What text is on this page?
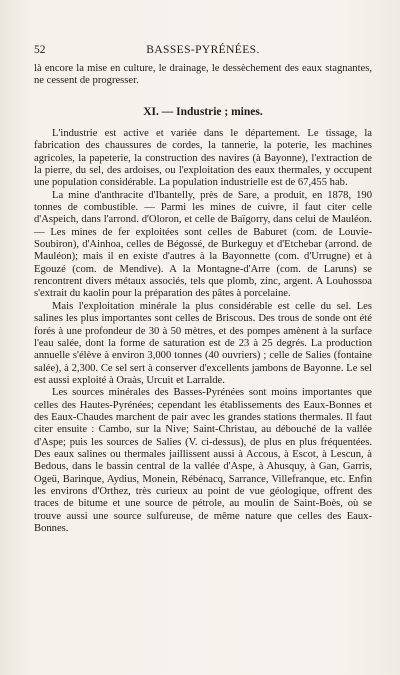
52	BASSES-PYRÉNÉES.

là encore la mise en culture, le drainage, le dessèchement des eaux stagnantes, ne cessent de progresser.

XI. — Industrie ; mines.

L'industrie est active et variée dans le département. Le tissage, la fabrication des chaussures de cordes, la tannerie, la poterie, les machines agricoles, la papeterie, la construction des navires (à Bayonne), l'extraction de la pierre, du sel, des ardoises, ou l'exploitation des eaux thermales, y occupent une population considérable. La population industrielle est de 67,455 hab.

La mine d'anthracite d'Ibantelly, près de Sare, a produit, en 1878, 190 tonnes de combustible. — Parmi les mines de cuivre, il faut citer celle d'Aspeich, dans l'arrond. d'Oloron, et celle de Baïgorry, dans celui de Mauléon. — Les mines de fer exploitées sont celles de Baburet (com. de Louvie-Soubiron), d'Ainhoa, celles de Bégossé, de Burkeguy et d'Etchebar (arrond. de Mauléon); mais il en existe d'autres à la Bayonnette (com. d'Urrugne) et à Egouzé (com. de Mendive). A la Montagne-d'Arre (com. de Laruns) se rencontrent divers métaux associés, tels que plomb, zinc, argent. A Louhossoa s'extrait du kaolin pour la préparation des pâtes à porcelaine.

Mais l'exploitation minérale la plus considérable est celle du sel. Les salines les plus importantes sont celles de Briscous. Des trous de sonde ont été forés à une profondeur de 30 à 50 mètres, et des pompes amènent à la surface l'eau salée, dont la forme de saturation est de 23 à 25 degrés. La production annuelle s'élève à environ 3,000 tonnes (40 ouvriers) ; celle de Salies (fontaine salée), à 2,300. Ce sel sert à conserver d'excellents jambons de Bayonne. Le sel est aussi exploité à Oraàs, Urcuit et Larralde.

Les sources minérales des Basses-Pyrénées sont moins importantes que celles des Hautes-Pyrénées; cependant les établissements des Eaux-Bonnes et des Eaux-Chaudes marchent de pair avec les grandes stations thermales. Il faut citer ensuite : Cambo, sur la Nive; Saint-Christau, au débouché de la vallée d'Aspe; puis les sources de Salies (V. ci-dessus), de plus en plus fréquentées. Des eaux salines ou thermales jaillissent aussi à Accous, à Escot, à Lescun, à Bedous, dans le bassin central de la vallée d'Aspe, à Ahusquy, à Gan, Garris, Ogeü, Barinque, Aydius, Monein, Rébénacq, Sarrance, Villefranque, etc. Enfin les environs d'Orthez, très curieux au point de vue géologique, offrent des traces de bitume et une source de pétrole, au moulin de Saint-Boès, où se trouve aussi une source sulfureuse, de même nature que celles des Eaux-Bonnes.
